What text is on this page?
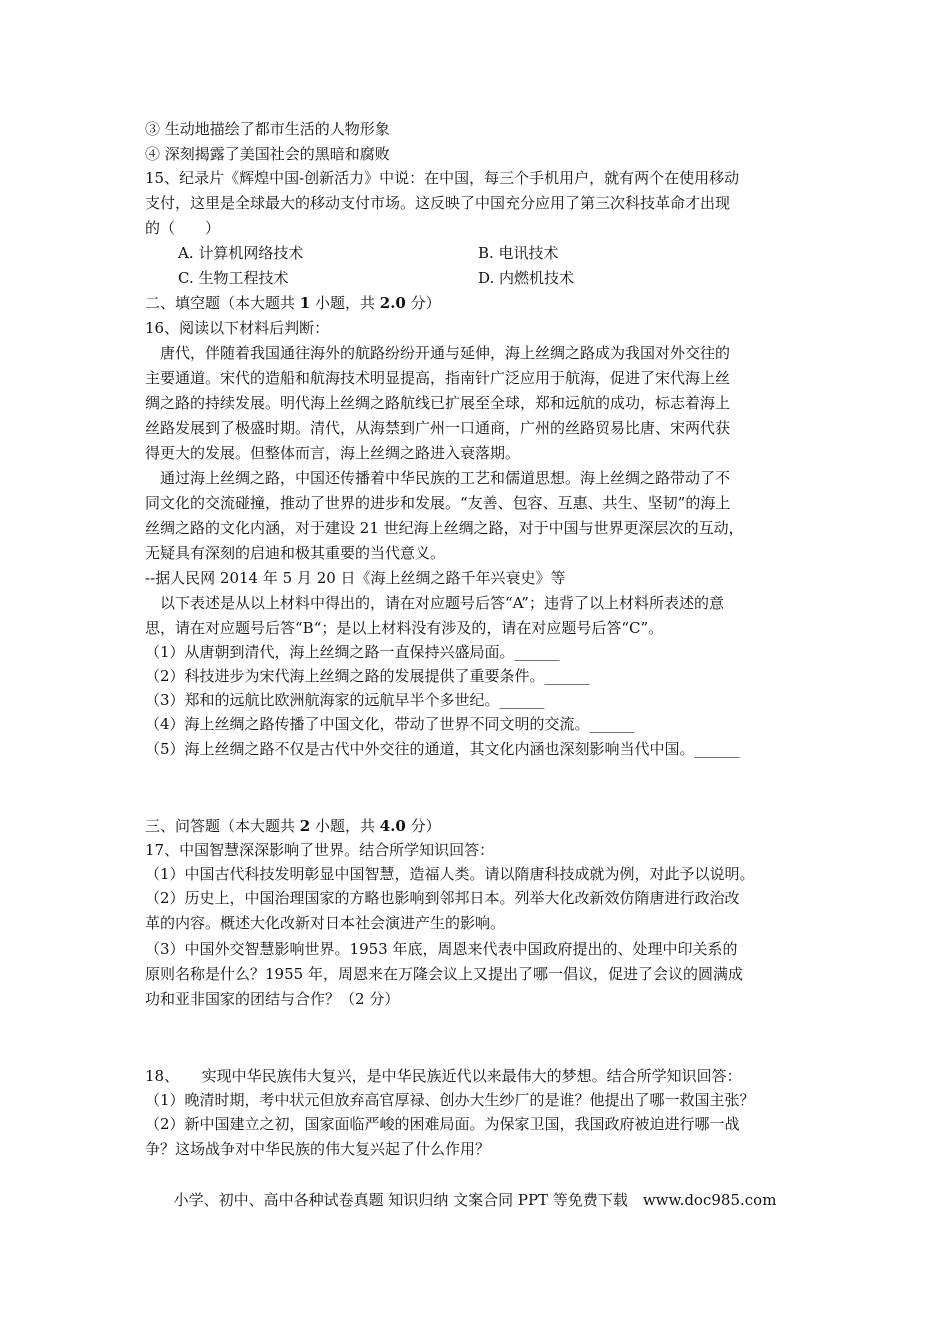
③ 生动地描绘了都市生活的人物形象
④ 深刻揭露了美国社会的黑暗和腐败
15、纪录片《辉煌中国-创新活力》中说：在中国，每三个手机用户，就有两个在使用移动
支付，这里是全球最大的移动支付市场。这反映了中国充分应用了第三次科技革命才出现
的（　　）
A. 计算机网络技术	B. 电讯技术
C. 生物工程技术	D. 内燃机技术
二、填空题（本大题共 1 小题，共 2.0 分）
16、阅读以下材料后判断：
唐代，伴随着我国通往海外的航路纷纷开通与延伸，海上丝绸之路成为我国对外交往的
主要通道。宋代的造船和航海技术明显提高，指南针广泛应用于航海，促进了宋代海上丝
绸之路的持续发展。明代海上丝绸之路航线已扩展至全球，郑和远航的成功，标志着海上
丝路发展到了极盛时期。清代，从海禁到广州一口通商，广州的丝路贸易比唐、宋两代获
得更大的发展。但整体而言，海上丝绸之路进入衰落期。
通过海上丝绸之路，中国还传播着中华民族的工艺和儒道思想。海上丝绸之路带动了不
同文化的交流碰撞，推动了世界的进步和发展。“友善、包容、互惠、共生、坚韧”的海上
丝绸之路的文化内涵，对于建设 21 世纪海上丝绸之路，对于中国与世界更深层次的互动，
无疑具有深刻的启迪和极其重要的当代意义。
--据人民网 2014 年 5 月 20 日《海上丝绸之路千年兴衰史》等
以下表述是从以上材料中得出的，请在对应题号后答“A”；违背了以上材料所表述的意
思，请在对应题号后答“B“；是以上材料没有涉及的，请在对应题号后答“C”。
（1）从唐朝到清代，海上丝绸之路一直保持兴盛局面。______
（2）科技进步为宋代海上丝绸之路的发展提供了重要条件。______
（3）郑和的远航比欧洲航海家的远航早半个多世纪。______
（4）海上丝绸之路传播了中国文化，带动了世界不同文明的交流。______
（5）海上丝绸之路不仅是古代中外交往的通道，其文化内涵也深刻影响当代中国。______
三、问答题（本大题共 2 小题，共 4.0 分）
17、中国智慧深深影响了世界。结合所学知识回答：
（1）中国古代科技发明彰显中国智慧，造福人类。请以隋唐科技成就为例，对此予以说明。
（2）历史上，中国治理国家的方略也影响到邻邦日本。列举大化改新效仿隋唐进行政治改
革的内容。概述大化改新对日本社会演进产生的影响。
（3）中国外交智慧影响世界。1953 年底，周恩来代表中国政府提出的、处理中印关系的
原则名称是什么？1955 年，周恩来在万隆会议上又提出了哪一倡议，促进了会议的圆满成
功和亚非国家的团结与合作？（2 分）
18、　　实现中华民族伟大复兴，是中华民族近代以来最伟大的梦想。结合所学知识回答：
（1）晚清时期，考中状元但放弃高官厚禄、创办大生纱厂的是谁？他提出了哪一救国主张？
（2）新中国建立之初，国家面临严峻的困难局面。为保家卫国，我国政府被迫进行哪一战
争？这场战争对中华民族的伟大复兴起了什么作用？
小学、初中、高中各种试卷真题 知识归纳 文案合同 PPT 等免费下载　www.doc985.com
